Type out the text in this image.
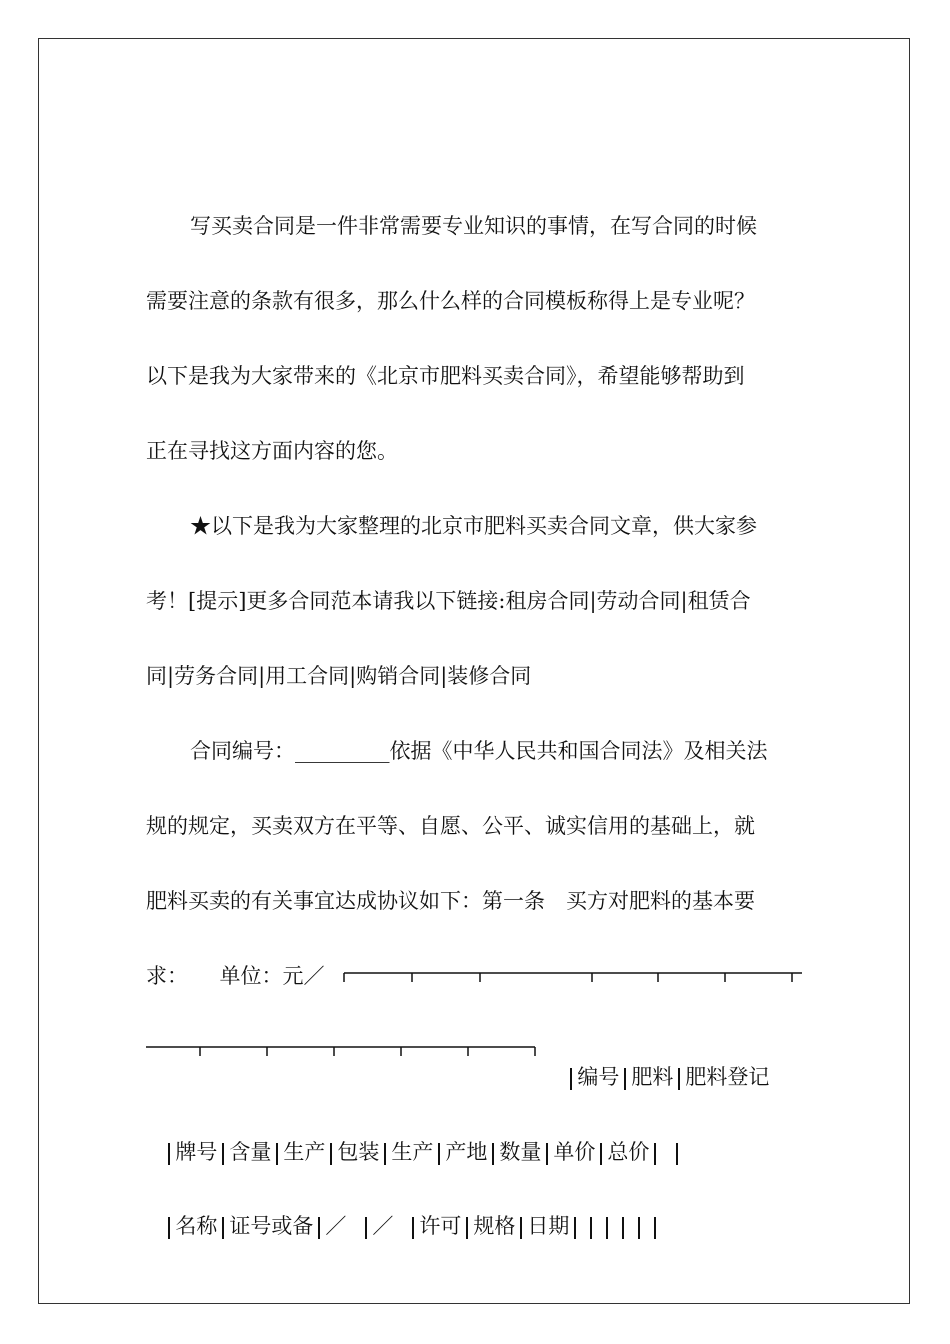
写买卖合同是一件非常需要专业知识的事情，在写合同的时候
需要注意的条款有很多，那么什么样的合同模板称得上是专业呢？
以下是我为大家带来的《北京市肥料买卖合同》，希望能够帮助到
正在寻找这方面内容的您。
★以下是我为大家整理的北京市肥料买卖合同文章，供大家参
考！[提示]更多合同范本请我以下链接:租房合同|劳动合同|租赁合
同|劳务合同|用工合同|购销合同|装修合同
合同编号：_________依据《中华人民共和国合同法》及相关法
规的规定，买卖双方在平等、自愿、公平、诚实信用的基础上，就
肥料买卖的有关事宜达成协议如下：第一条　买方对肥料的基本要
求：　　单位：元／

编号 肥料 肥料登记

牌号 含量 生产 包装 生产 产地 数量 单价 总价

名称 证号或备 ／ ／ 许可 规格 日期
